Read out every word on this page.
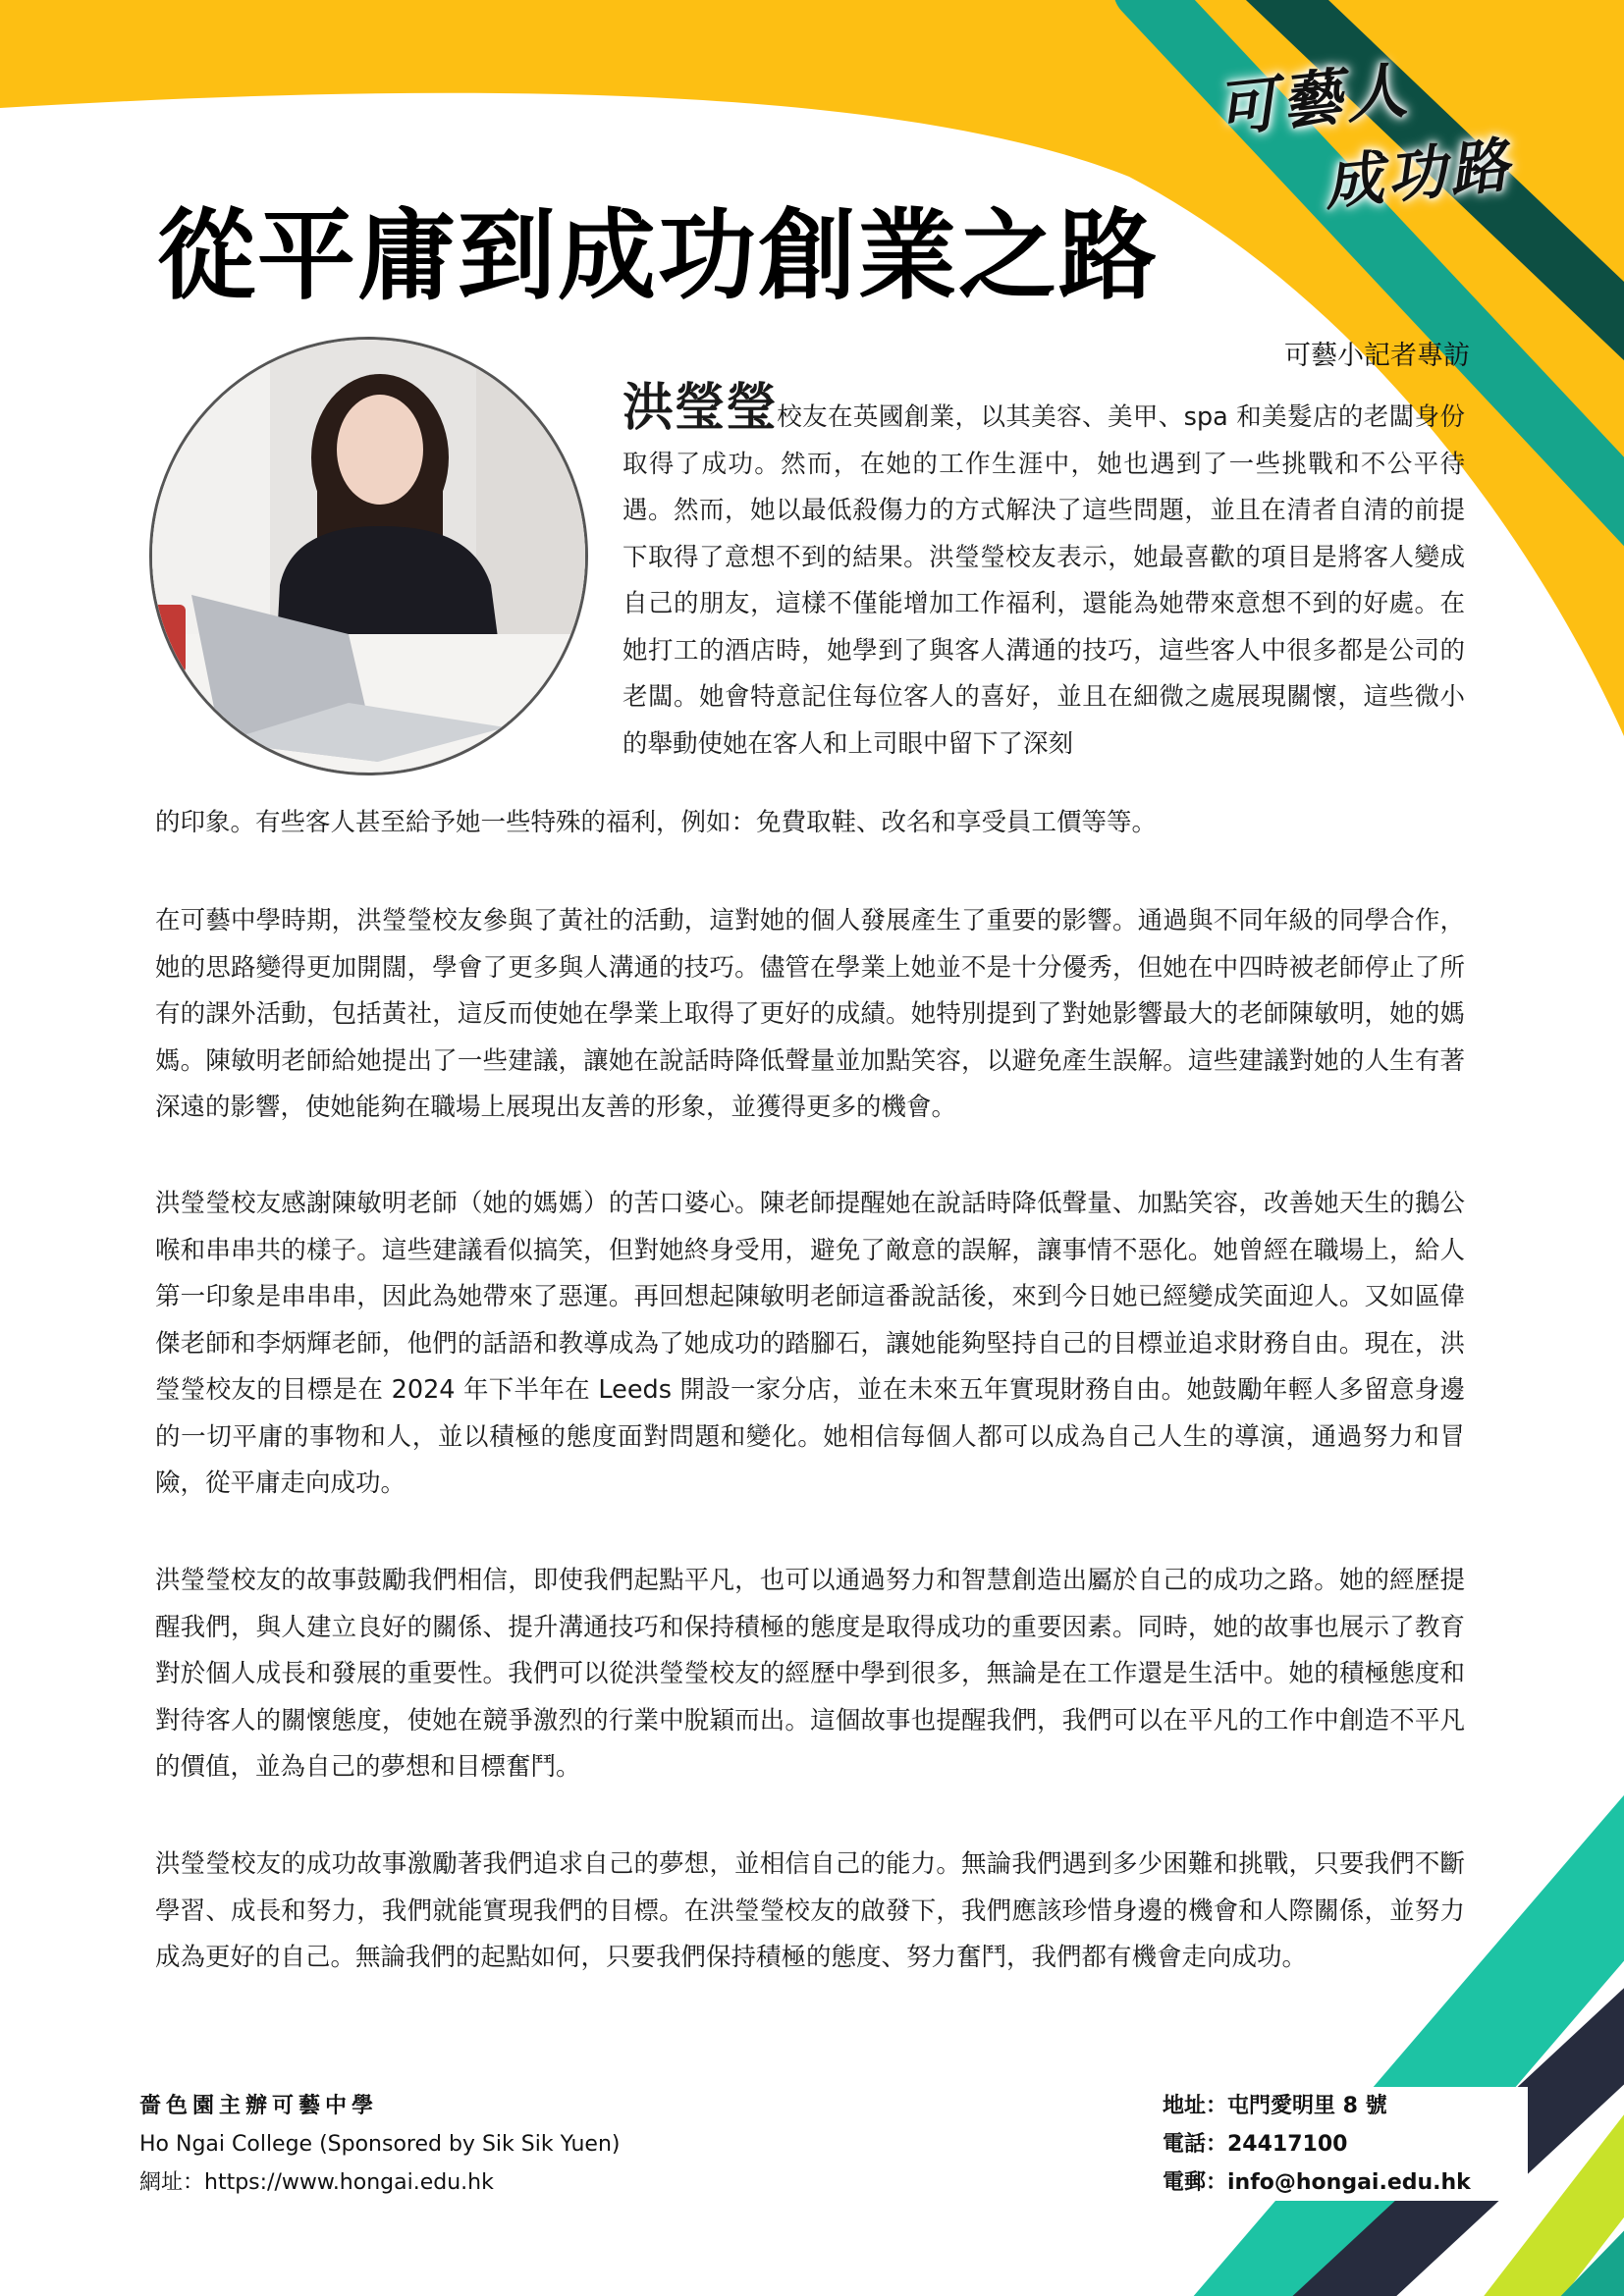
可藝人
成功路
從平庸到成功創業之路
可藝小記者專訪
洪瑩瑩校友在英國創業，以其美容、美甲、spa 和美髮店的老闆身份取得了成功。然而，在她的工作生涯中，她也遇到了一些挑戰和不公平待遇。然而，她以最低殺傷力的方式解決了這些問題，並且在清者自清的前提下取得了意想不到的結果。洪瑩瑩校友表示，她最喜歡的項目是將客人變成自己的朋友，這樣不僅能增加工作福利，還能為她帶來意想不到的好處。在她打工的酒店時，她學到了與客人溝通的技巧，這些客人中很多都是公司的老闆。她會特意記住每位客人的喜好，並且在細微之處展現關懷，這些微小的舉動使她在客人和上司眼中留下了深刻
的印象。有些客人甚至給予她一些特殊的福利，例如：免費取鞋、改名和享受員工價等等。

在可藝中學時期，洪瑩瑩校友參與了黃社的活動，這對她的個人發展產生了重要的影響。通過與不同年級的同學合作，她的思路變得更加開闊，學會了更多與人溝通的技巧。儘管在學業上她並不是十分優秀，但她在中四時被老師停止了所有的課外活動，包括黃社，這反而使她在學業上取得了更好的成績。她特別提到了對她影響最大的老師陳敏明，她的媽媽。陳敏明老師給她提出了一些建議，讓她在說話時降低聲量並加點笑容，以避免產生誤解。這些建議對她的人生有著深遠的影響，使她能夠在職場上展現出友善的形象，並獲得更多的機會。

洪瑩瑩校友感謝陳敏明老師（她的媽媽）的苦口婆心。陳老師提醒她在說話時降低聲量、加點笑容，改善她天生的鵝公喉和串串共的樣子。這些建議看似搞笑，但對她終身受用，避免了敵意的誤解，讓事情不惡化。她曾經在職場上，給人第一印象是串串串，因此為她帶來了惡運。再回想起陳敏明老師這番說話後，來到今日她已經變成笑面迎人。又如區偉傑老師和李炳輝老師，他們的話語和教導成為了她成功的踏腳石，讓她能夠堅持自己的目標並追求財務自由。現在，洪瑩瑩校友的目標是在 2024 年下半年在 Leeds 開設一家分店，並在未來五年實現財務自由。她鼓勵年輕人多留意身邊的一切平庸的事物和人，並以積極的態度面對問題和變化。她相信每個人都可以成為自己人生的導演，通過努力和冒險，從平庸走向成功。

洪瑩瑩校友的故事鼓勵我們相信，即使我們起點平凡，也可以通過努力和智慧創造出屬於自己的成功之路。她的經歷提醒我們，與人建立良好的關係、提升溝通技巧和保持積極的態度是取得成功的重要因素。同時，她的故事也展示了教育對於個人成長和發展的重要性。我們可以從洪瑩瑩校友的經歷中學到很多，無論是在工作還是生活中。她的積極態度和對待客人的關懷態度，使她在競爭激烈的行業中脫穎而出。這個故事也提醒我們，我們可以在平凡的工作中創造不平凡的價值，並為自己的夢想和目標奮鬥。

洪瑩瑩校友的成功故事激勵著我們追求自己的夢想，並相信自己的能力。無論我們遇到多少困難和挑戰，只要我們不斷學習、成長和努力，我們就能實現我們的目標。在洪瑩瑩校友的啟發下，我們應該珍惜身邊的機會和人際關係，並努力成為更好的自己。無論我們的起點如何，只要我們保持積極的態度、努力奮鬥，我們都有機會走向成功。

嗇色園主辦可藝中學
Ho Ngai College (Sponsored by Sik Sik Yuen)
網址：https://www.hongai.edu.hk
地址：屯門愛明里 8 號
電話：24417100
電郵：info@hongai.edu.hk
